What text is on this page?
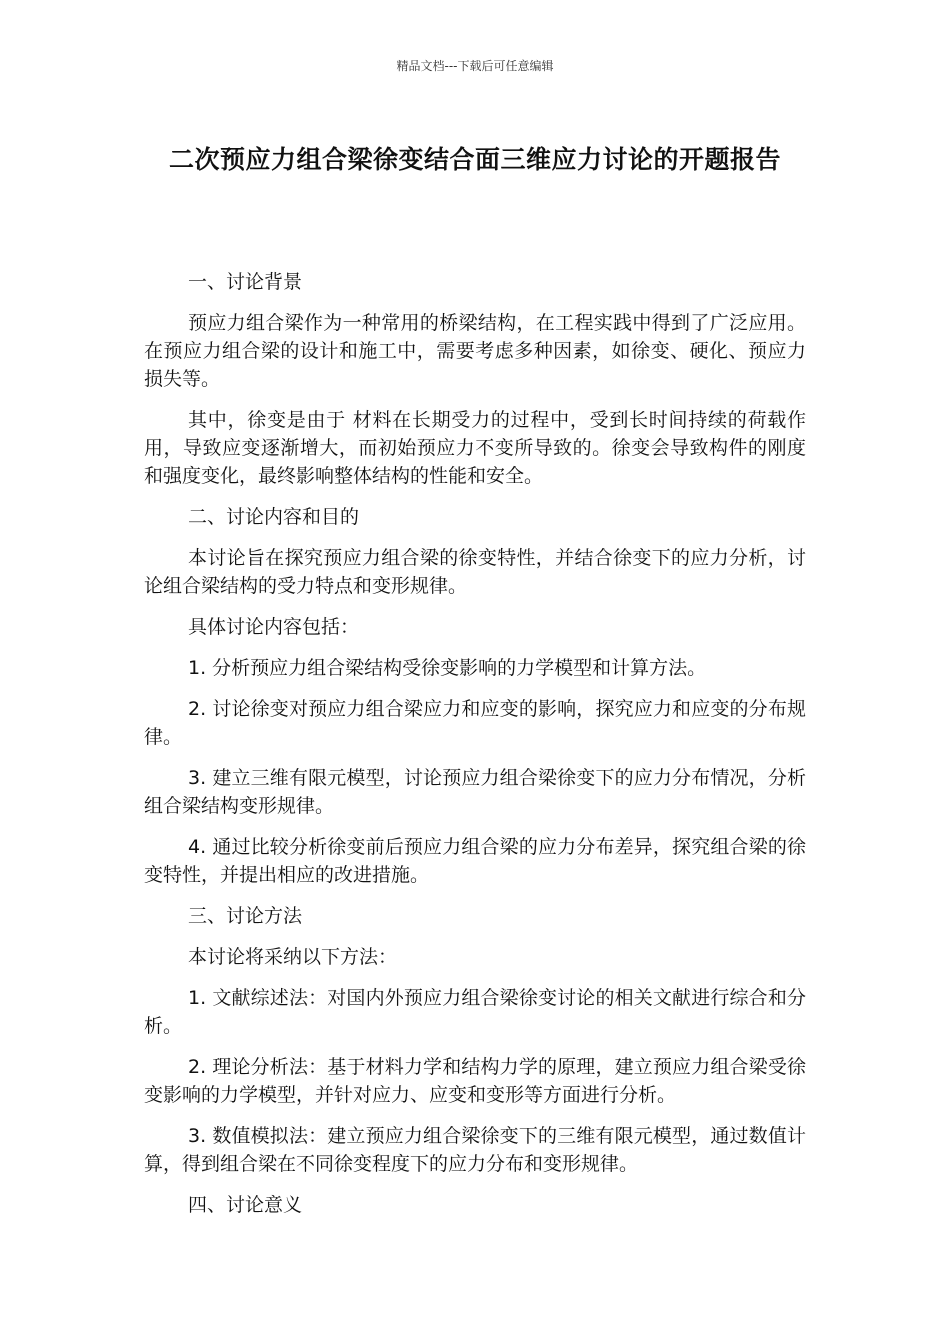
精品文档---下载后可任意编辑
二次预应力组合梁徐变结合面三维应力讨论的开题报告

一、讨论背景

预应力组合梁作为一种常用的桥梁结构，在工程实践中得到了广泛应用。在预应力组合梁的设计和施工中，需要考虑多种因素，如徐变、硬化、预应力损失等。

其中，徐变是由于 材料在长期受力的过程中，受到长时间持续的荷载作用，导致应变逐渐增大，而初始预应力不变所导致的。徐变会导致构件的刚度和强度变化，最终影响整体结构的性能和安全。

二、讨论内容和目的

本讨论旨在探究预应力组合梁的徐变特性，并结合徐变下的应力分析，讨论组合梁结构的受力特点和变形规律。

具体讨论内容包括：

1. 分析预应力组合梁结构受徐变影响的力学模型和计算方法。

2. 讨论徐变对预应力组合梁应力和应变的影响，探究应力和应变的分布规律。

3. 建立三维有限元模型，讨论预应力组合梁徐变下的应力分布情况，分析组合梁结构变形规律。

4. 通过比较分析徐变前后预应力组合梁的应力分布差异，探究组合梁的徐变特性，并提出相应的改进措施。

三、讨论方法

本讨论将采纳以下方法：

1. 文献综述法：对国内外预应力组合梁徐变讨论的相关文献进行综合和分析。

2. 理论分析法：基于材料力学和结构力学的原理，建立预应力组合梁受徐变影响的力学模型，并针对应力、应变和变形等方面进行分析。

3. 数值模拟法：建立预应力组合梁徐变下的三维有限元模型，通过数值计算，得到组合梁在不同徐变程度下的应力分布和变形规律。

四、讨论意义
